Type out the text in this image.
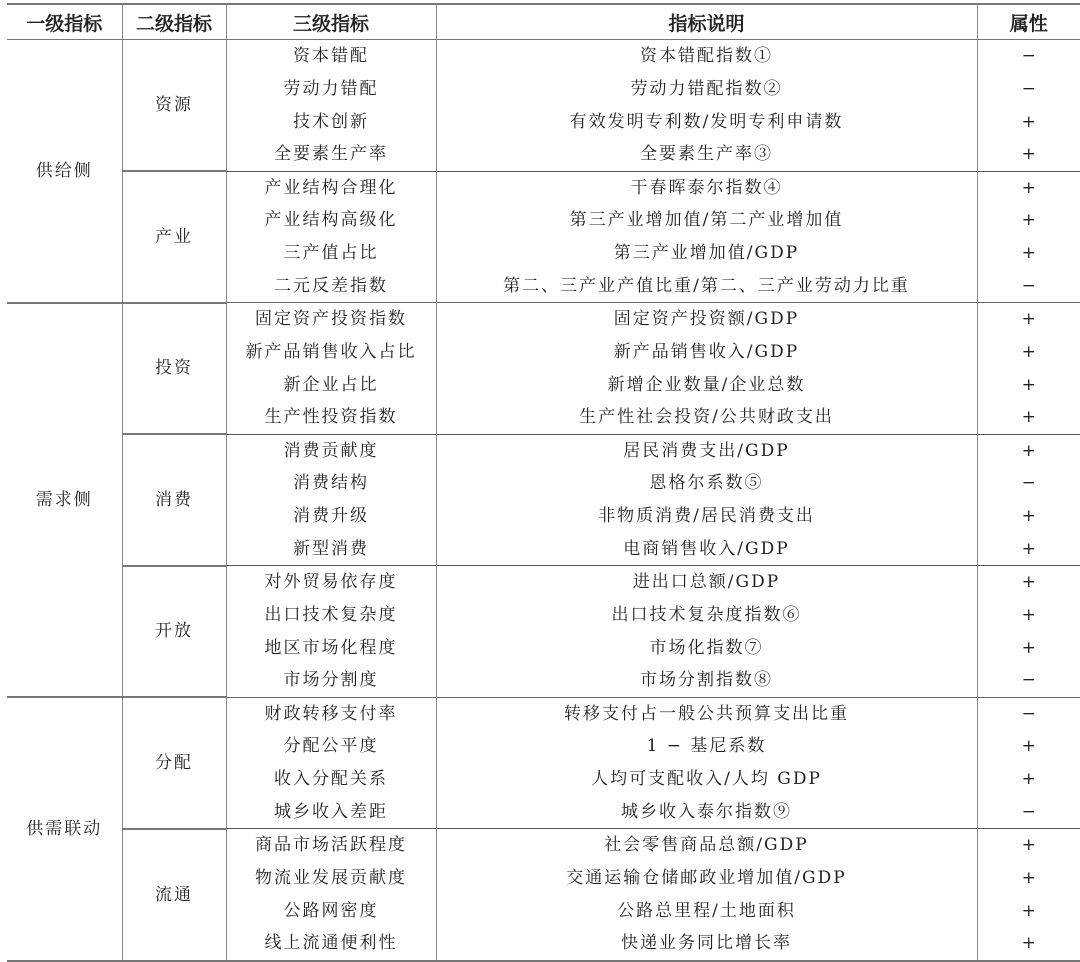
一级指标	二级指标	三级指标	指标说明	属性
供给侧	资源	资本错配	资本错配指数①	−
		劳动力错配	劳动力错配指数②	−
		技术创新	有效发明专利数/发明专利申请数	+
		全要素生产率	全要素生产率③	+
	产业	产业结构合理化	干春晖泰尔指数④	+
		产业结构高级化	第三产业增加值/第二产业增加值	+
		三产值占比	第三产业增加值/GDP	+
		二元反差指数	第二、三产业产值比重/第二、三产业劳动力比重	−
需求侧	投资	固定资产投资指数	固定资产投资额/GDP	+
		新产品销售收入占比	新产品销售收入/GDP	+
		新企业占比	新增企业数量/企业总数	+
		生产性投资指数	生产性社会投资/公共财政支出	+
	消费	消费贡献度	居民消费支出/GDP	+
		消费结构	恩格尔系数⑤	−
		消费升级	非物质消费/居民消费支出	+
		新型消费	电商销售收入/GDP	+
	开放	对外贸易依存度	进出口总额/GDP	+
		出口技术复杂度	出口技术复杂度指数⑥	+
		地区市场化程度	市场化指数⑦	+
		市场分割度	市场分割指数⑧	−
供需联动	分配	财政转移支付率	转移支付占一般公共预算支出比重	−
		分配公平度	1 − 基尼系数	+
		收入分配关系	人均可支配收入/人均 GDP	+
		城乡收入差距	城乡收入泰尔指数⑨	−
	流通	商品市场活跃程度	社会零售商品总额/GDP	+
		物流业发展贡献度	交通运输仓储邮政业增加值/GDP	+
		公路网密度	公路总里程/土地面积	+
		线上流通便利性	快递业务同比增长率	+
